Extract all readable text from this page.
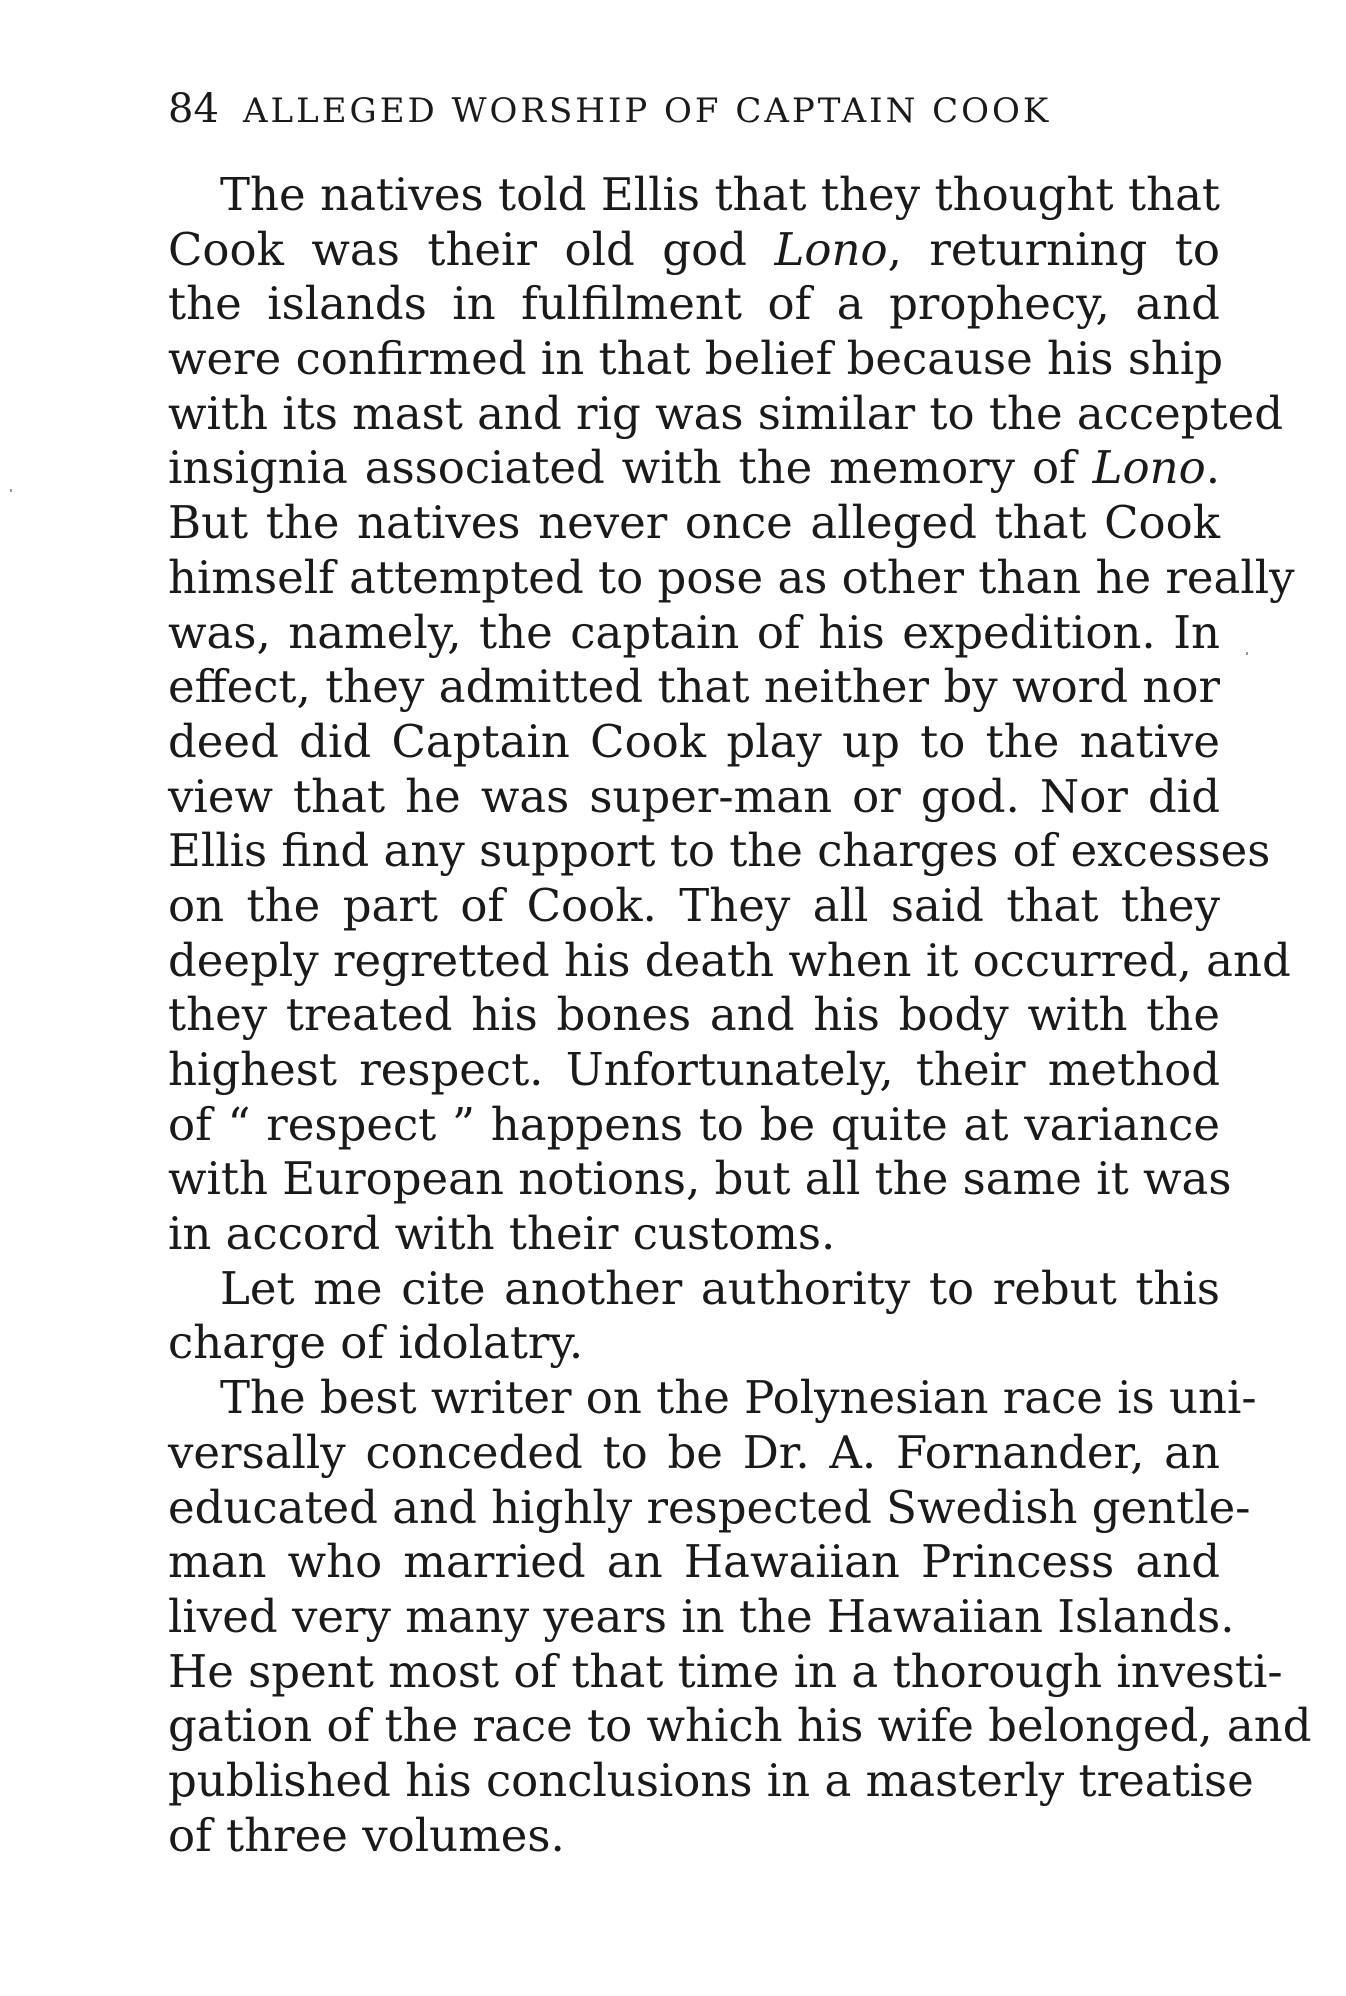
84 ALLEGED WORSHIP OF CAPTAIN COOK
The natives told Ellis that they thought that
Cook was their old god Lono, returning to
the islands in fulfilment of a prophecy, and
were confirmed in that belief because his ship
with its mast and rig was similar to the accepted
insignia associated with the memory of Lono.
But the natives never once alleged that Cook
himself attempted to pose as other than he really
was, namely, the captain of his expedition. In
effect, they admitted that neither by word nor
deed did Captain Cook play up to the native
view that he was super-man or god. Nor did
Ellis find any support to the charges of excesses
on the part of Cook. They all said that they
deeply regretted his death when it occurred, and
they treated his bones and his body with the
highest respect. Unfortunately, their method
of “ respect ” happens to be quite at variance
with European notions, but all the same it was
in accord with their customs.
Let me cite another authority to rebut this
charge of idolatry.
The best writer on the Polynesian race is uni-
versally conceded to be Dr. A. Fornander, an
educated and highly respected Swedish gentle-
man who married an Hawaiian Princess and
lived very many years in the Hawaiian Islands.
He spent most of that time in a thorough investi-
gation of the race to which his wife belonged, and
published his conclusions in a masterly treatise
of three volumes.
